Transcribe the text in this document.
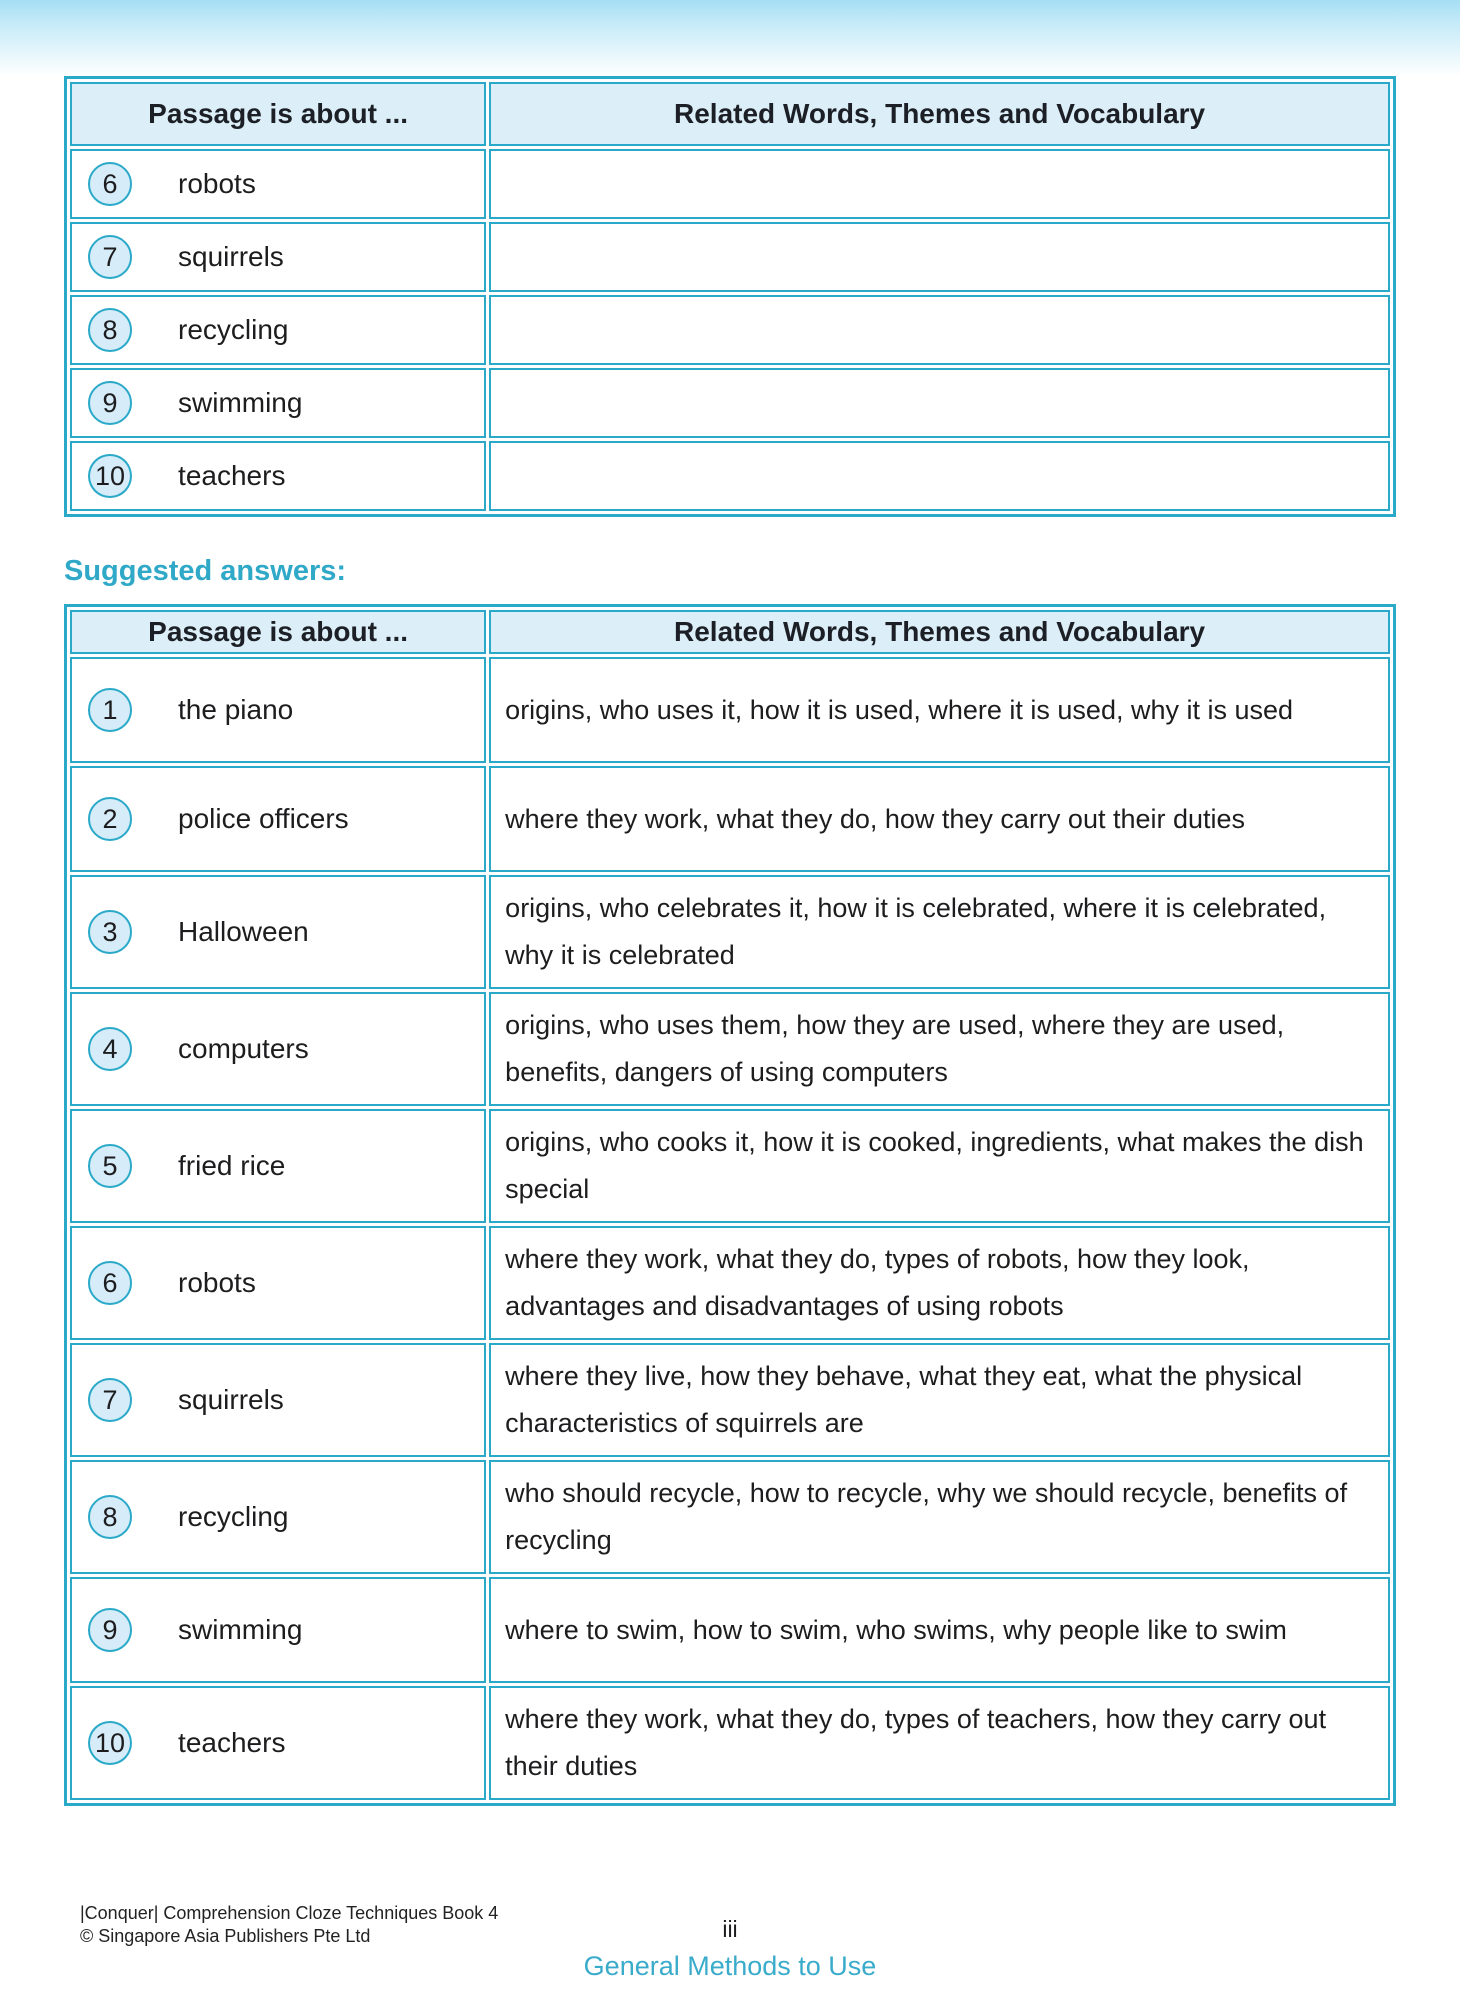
Passage is about ...	Related Words, Themes and Vocabulary

6 robots	

7 squirrels	

8 recycling	

9 swimming	

10 teachers	

Suggested answers:
Passage is about ...	Related Words, Themes and Vocabulary

1 the piano	origins, who uses it, how it is used, where it is used, why it is used

2 police officers	where they work, what they do, how they carry out their duties

3 Halloween	origins, who celebrates it, how it is celebrated, where it is celebrated, why it is celebrated

4 computers	origins, who uses them, how they are used, where they are used, benefits, dangers of using computers

5 fried rice	origins, who cooks it, how it is cooked, ingredients, what makes the dish special

6 robots	where they work, what they do, types of robots, how they look, advantages and disadvantages of using robots

7 squirrels	where they live, how they behave, what they eat, what the physical characteristics of squirrels are

8 recycling	who should recycle, how to recycle, why we should recycle, benefits of recycling

9 swimming	where to swim, how to swim, who swims, why people like to swim

10 teachers	where they work, what they do, types of teachers, how they carry out their duties
|Conquer| Comprehension Cloze Techniques Book 4
© Singapore Asia Publishers Pte Ltd	iii
General Methods to Use
